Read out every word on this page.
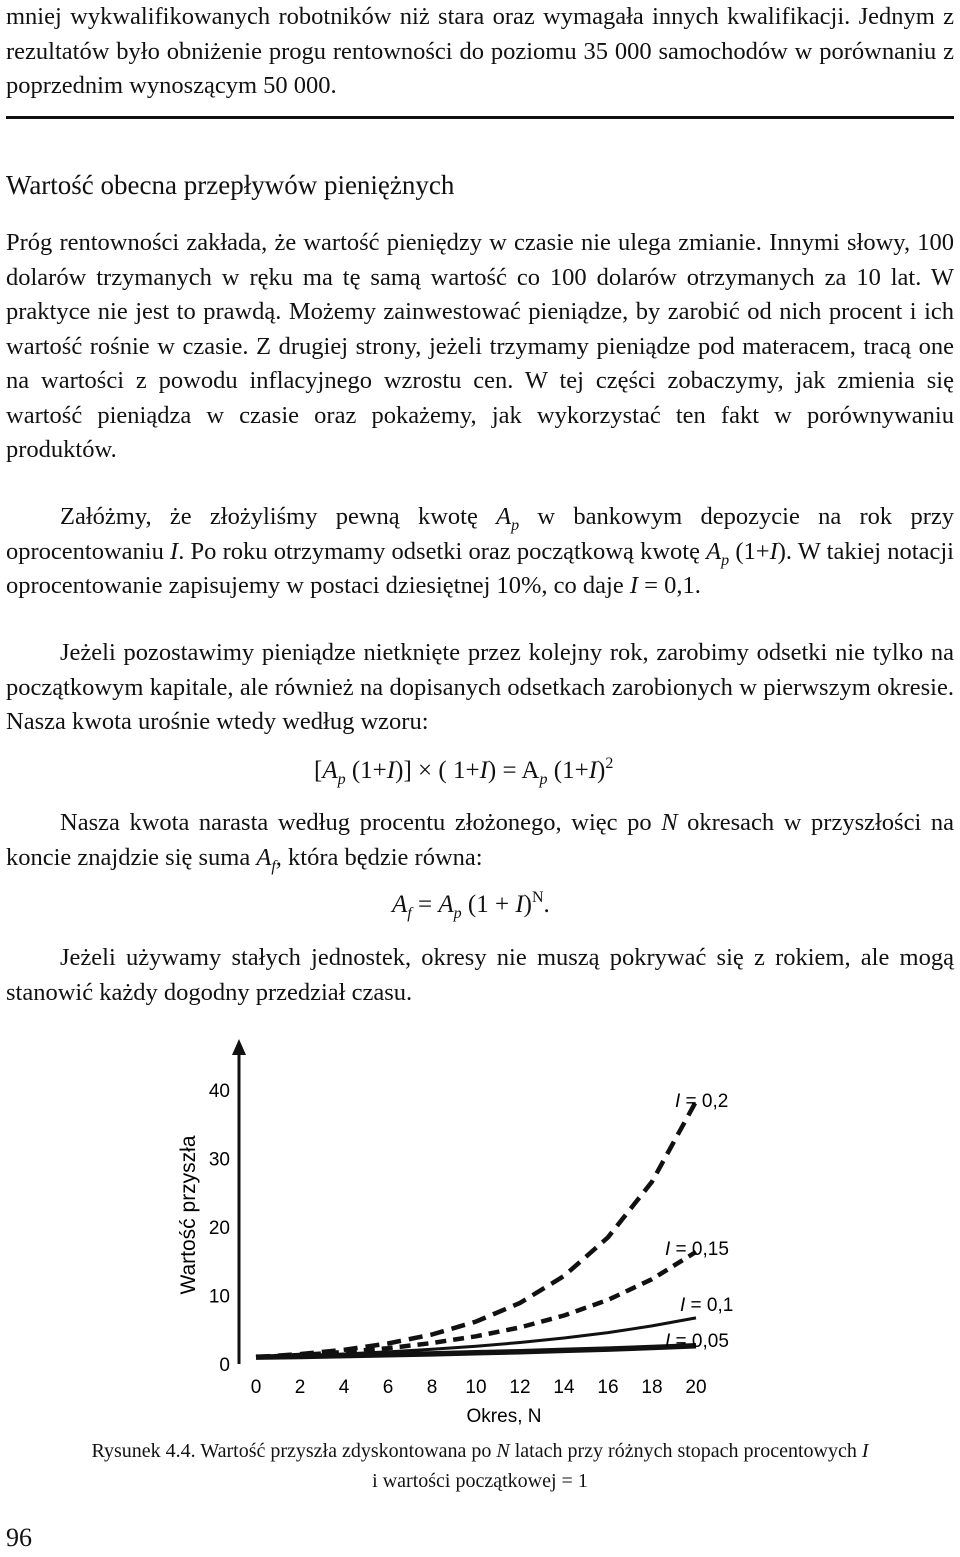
mniej wykwalifikowanych robotników niż stara oraz wymagała innych kwalifikacji. Jednym z rezultatów było obniżenie progu rentowności do poziomu 35 000 samochodów w porównaniu z poprzednim wynoszącym 50 000.

Wartość obecna przepływów pieniężnych

Próg rentowności zakłada, że wartość pieniędzy w czasie nie ulega zmianie. Innymi słowy, 100 dolarów trzymanych w ręku ma tę samą wartość co 100 dolarów otrzymanych za 10 lat. W praktyce nie jest to prawdą. Możemy zainwestować pieniądze, by zarobić od nich procent i ich wartość rośnie w czasie. Z drugiej strony, jeżeli trzymamy pieniądze pod materacem, tracą one na wartości z powodu inflacyjnego wzrostu cen. W tej części zobaczymy, jak zmienia się wartość pieniądza w czasie oraz pokażemy, jak wykorzystać ten fakt w porównywaniu produktów.

Załóżmy, że złożyliśmy pewną kwotę $A_p$ w bankowym depozycie na rok przy oprocentowaniu I. Po roku otrzymamy odsetki oraz początkową kwotę $A_p$ (1+I). W takiej notacji oprocentowanie zapisujemy w postaci dziesiętnej 10%, co daje I = 0,1.

Jeżeli pozostawimy pieniądze nietknięte przez kolejny rok, zarobimy odsetki nie tylko na początkowym kapitale, ale również na dopisanych odsetkach zarobionych w pierwszym okresie. Nasza kwota urośnie wtedy według wzoru:

[$A_p$ (1+I)] × ( $1+I) = A_p$ $(1+I)^2$

Nasza kwota narasta według procentu złożonego, więc po N okresach w przyszłości na koncie znajdzie się suma $A_f$, która będzie równa:

$A_f = A_p$ $(1 + I)^N$.

Jeżeli używamy stałych jednostek, okresy nie muszą pokrywać się z rokiem, ale mogą stanowić każdy dogodny przedział czasu.

0 2 4 6 8 10 12 14 16 18 20
0
10
20
30
40	I = 0,2
I = 0,15
I = 0,1
I = 0,05
Wartość przyszła
Okres, N
Rysunek 4.4. Wartość przyszła zdyskontowana po N latach przy różnych stopach procentowych I
i wartości początkowej = 1
96
